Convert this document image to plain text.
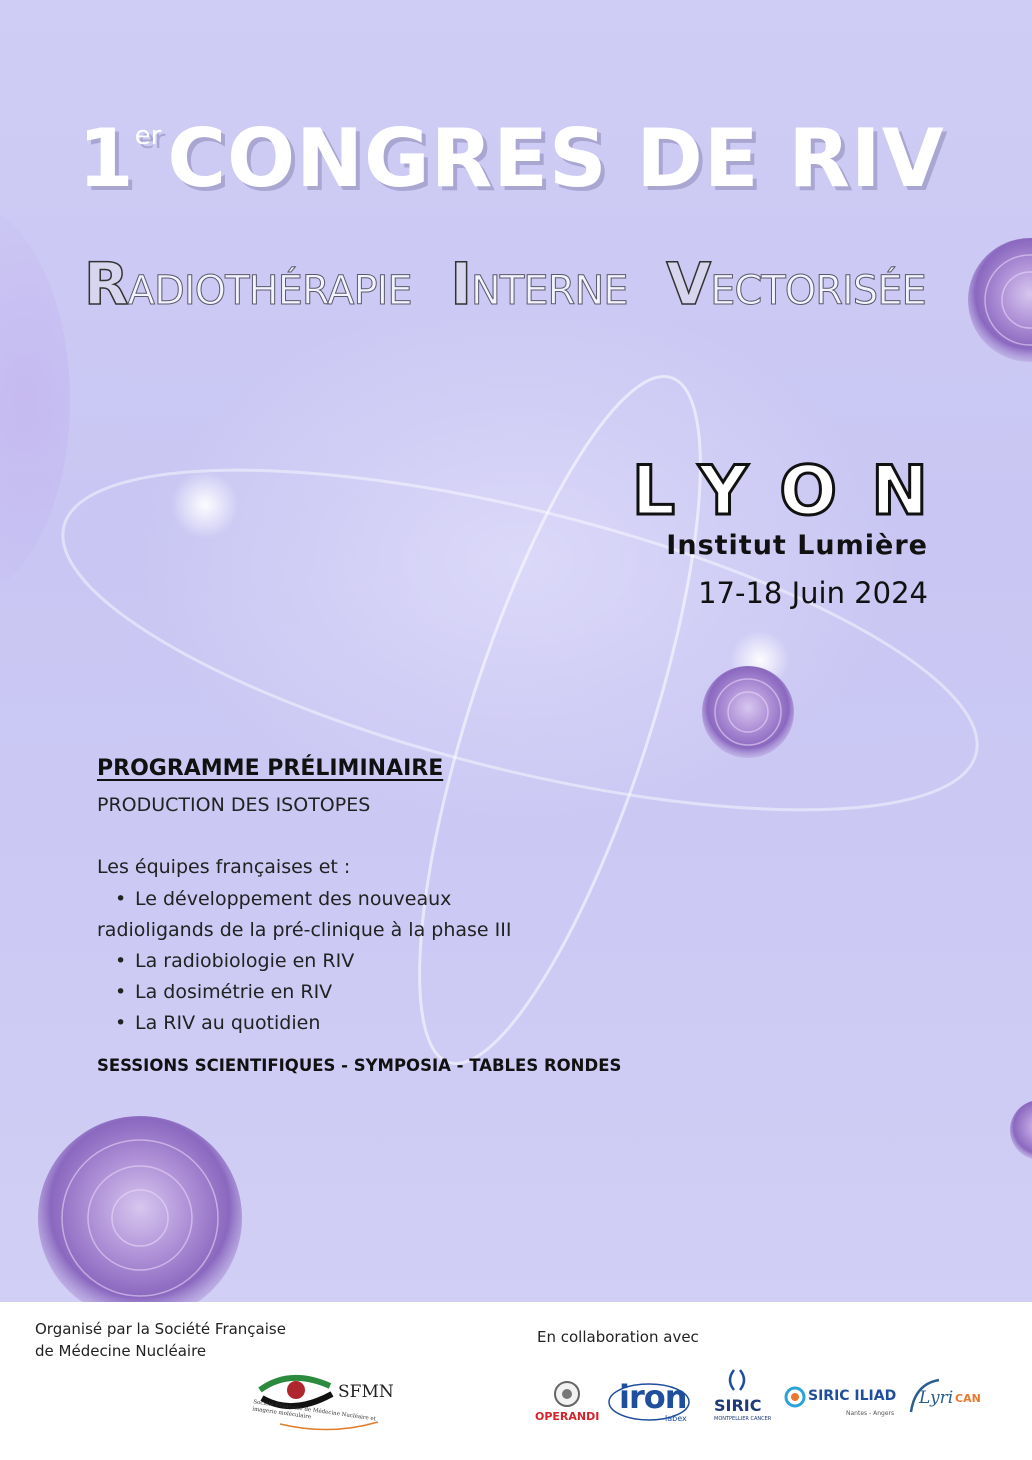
1erCONGRES DE RIV
RADIOTHÉRAPIE INTERNE VECTORISÉE
LYON
Institut Lumière
17-18 Juin 2024
PROGRAMME PRÉLIMINAIRE
PRODUCTION DES ISOTOPES
Les équipes françaises et :
• Le développement des nouveaux
radioligands de la pré-clinique à la phase III
• La radiobiologie en RIV
• La dosimétrie en RIV
• La RIV au quotidien
SESSIONS SCIENTIFIQUES - SYMPOSIA - TABLES RONDES
Organisé par la Société Française
de Médecine Nucléaire
En collaboration avec
SFMN
Société Française de Médecine Nucléaire et imagerie moléculaire	OPERANDI
iron
labex
SIRIC
MONTPELLIER CANCER
SIRIC ILIAD
Nantes - Angers
Lyri CAN
